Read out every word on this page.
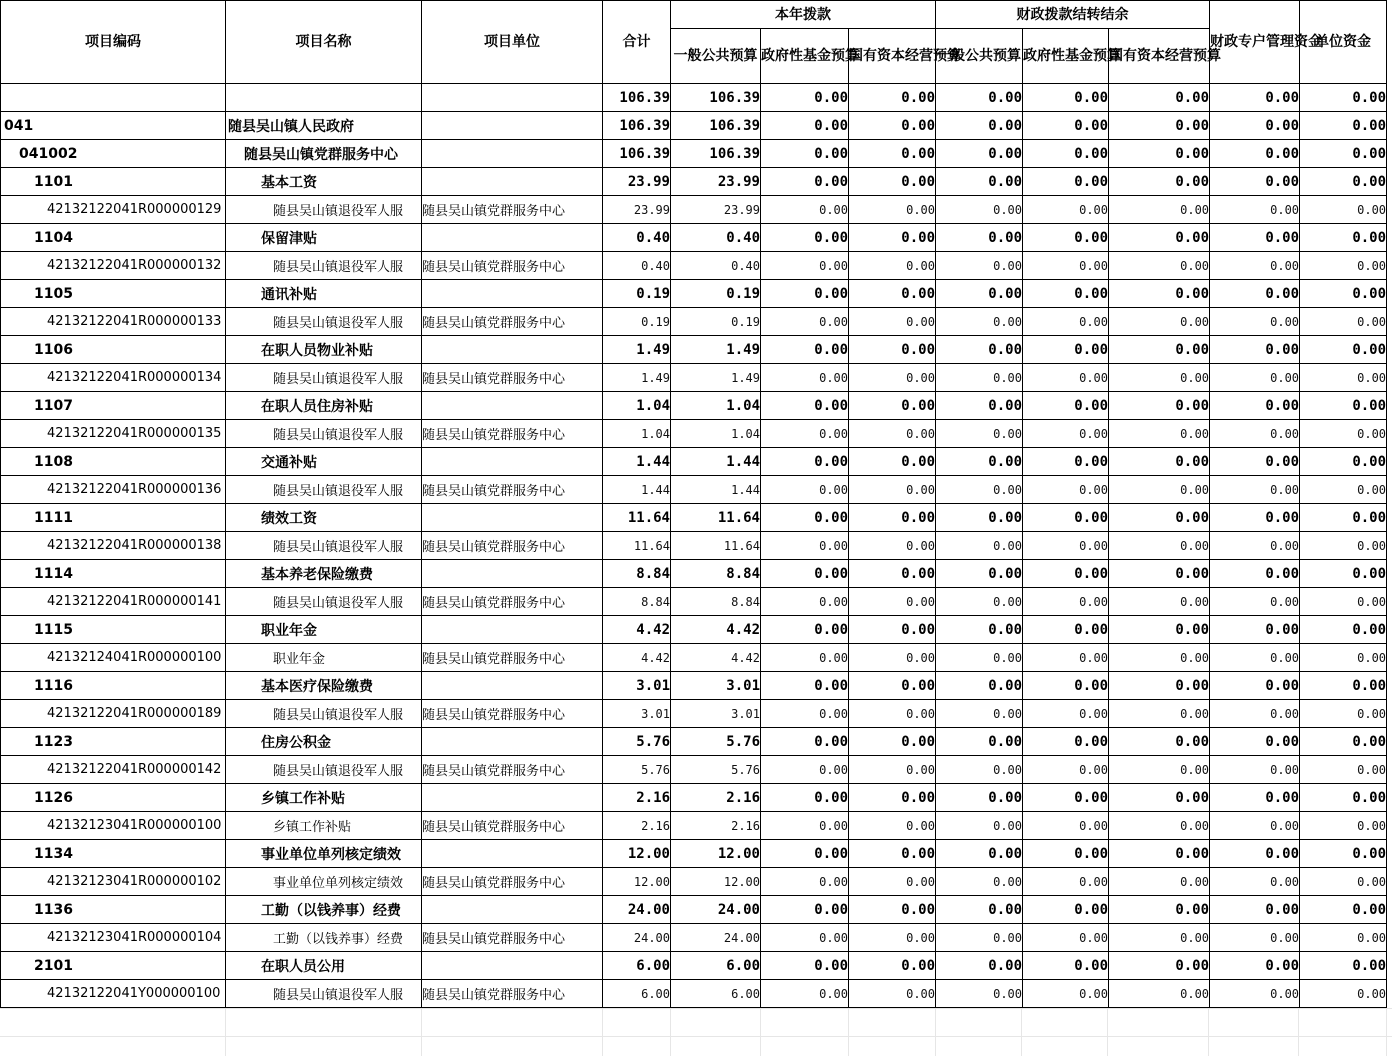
项目编码	项目名称	项目单位	合计	本年拨款			财政拨款结转结余			财政专户管理资金	单位资金
				一般公共预算	政府性基金预算	国有资本经营预算	一般公共预算	政府性基金预算	国有资本经营预算		
			106.39	106.39	0.00	0.00	0.00	0.00	0.00	0.00	0.00
041	随县吴山镇人民政府		106.39	106.39	0.00	0.00	0.00	0.00	0.00	0.00	0.00
041002	随县吴山镇党群服务中心		106.39	106.39	0.00	0.00	0.00	0.00	0.00	0.00	0.00
1101	基本工资		23.99	23.99	0.00	0.00	0.00	0.00	0.00	0.00	0.00
42132122041R000000129	随县吴山镇退役军人服	随县吴山镇党群服务中心	23.99	23.99	0.00	0.00	0.00	0.00	0.00	0.00	0.00
1104	保留津贴		0.40	0.40	0.00	0.00	0.00	0.00	0.00	0.00	0.00
42132122041R000000132	随县吴山镇退役军人服	随县吴山镇党群服务中心	0.40	0.40	0.00	0.00	0.00	0.00	0.00	0.00	0.00
1105	通讯补贴		0.19	0.19	0.00	0.00	0.00	0.00	0.00	0.00	0.00
42132122041R000000133	随县吴山镇退役军人服	随县吴山镇党群服务中心	0.19	0.19	0.00	0.00	0.00	0.00	0.00	0.00	0.00
1106	在职人员物业补贴		1.49	1.49	0.00	0.00	0.00	0.00	0.00	0.00	0.00
42132122041R000000134	随县吴山镇退役军人服	随县吴山镇党群服务中心	1.49	1.49	0.00	0.00	0.00	0.00	0.00	0.00	0.00
1107	在职人员住房补贴		1.04	1.04	0.00	0.00	0.00	0.00	0.00	0.00	0.00
42132122041R000000135	随县吴山镇退役军人服	随县吴山镇党群服务中心	1.04	1.04	0.00	0.00	0.00	0.00	0.00	0.00	0.00
1108	交通补贴		1.44	1.44	0.00	0.00	0.00	0.00	0.00	0.00	0.00
42132122041R000000136	随县吴山镇退役军人服	随县吴山镇党群服务中心	1.44	1.44	0.00	0.00	0.00	0.00	0.00	0.00	0.00
1111	绩效工资		11.64	11.64	0.00	0.00	0.00	0.00	0.00	0.00	0.00
42132122041R000000138	随县吴山镇退役军人服	随县吴山镇党群服务中心	11.64	11.64	0.00	0.00	0.00	0.00	0.00	0.00	0.00
1114	基本养老保险缴费		8.84	8.84	0.00	0.00	0.00	0.00	0.00	0.00	0.00
42132122041R000000141	随县吴山镇退役军人服	随县吴山镇党群服务中心	8.84	8.84	0.00	0.00	0.00	0.00	0.00	0.00	0.00
1115	职业年金		4.42	4.42	0.00	0.00	0.00	0.00	0.00	0.00	0.00
42132124041R000000100	职业年金	随县吴山镇党群服务中心	4.42	4.42	0.00	0.00	0.00	0.00	0.00	0.00	0.00
1116	基本医疗保险缴费		3.01	3.01	0.00	0.00	0.00	0.00	0.00	0.00	0.00
42132122041R000000189	随县吴山镇退役军人服	随县吴山镇党群服务中心	3.01	3.01	0.00	0.00	0.00	0.00	0.00	0.00	0.00
1123	住房公积金		5.76	5.76	0.00	0.00	0.00	0.00	0.00	0.00	0.00
42132122041R000000142	随县吴山镇退役军人服	随县吴山镇党群服务中心	5.76	5.76	0.00	0.00	0.00	0.00	0.00	0.00	0.00
1126	乡镇工作补贴		2.16	2.16	0.00	0.00	0.00	0.00	0.00	0.00	0.00
42132123041R000000100	乡镇工作补贴	随县吴山镇党群服务中心	2.16	2.16	0.00	0.00	0.00	0.00	0.00	0.00	0.00
1134	事业单位单列核定绩效		12.00	12.00	0.00	0.00	0.00	0.00	0.00	0.00	0.00
42132123041R000000102	事业单位单列核定绩效	随县吴山镇党群服务中心	12.00	12.00	0.00	0.00	0.00	0.00	0.00	0.00	0.00
1136	工勤（以钱养事）经费		24.00	24.00	0.00	0.00	0.00	0.00	0.00	0.00	0.00
42132123041R000000104	工勤（以钱养事）经费	随县吴山镇党群服务中心	24.00	24.00	0.00	0.00	0.00	0.00	0.00	0.00	0.00
2101	在职人员公用		6.00	6.00	0.00	0.00	0.00	0.00	0.00	0.00	0.00
42132122041Y000000100	随县吴山镇退役军人服	随县吴山镇党群服务中心	6.00	6.00	0.00	0.00	0.00	0.00	0.00	0.00	0.00
